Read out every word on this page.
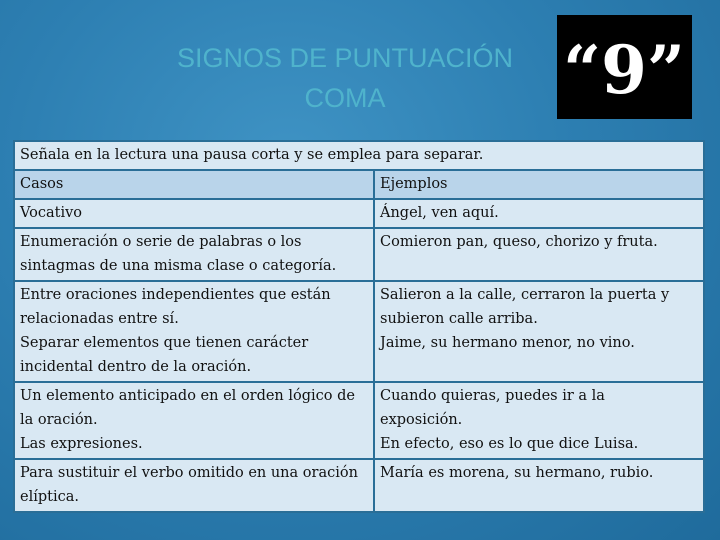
SIGNOS DE PUNTUACIÓN
COMA	“9”
Señala en la lectura una pausa corta y se emplea para separar.	
Casos	Ejemplos

Vocativo	Ángel, ven aquí.

Enumeración o serie de palabras o los
sintagmas de una misma clase o categoría.	Comieron pan, queso, chorizo y fruta.

Entre oraciones independientes que están
relacionadas entre sí.
Separar elementos que tienen carácter
incidental dentro de la oración.	Salieron a la calle, cerraron la puerta y
subieron calle arriba.
Jaime, su hermano menor, no vino.

Un elemento anticipado en el orden lógico de
la oración.
Las expresiones.	Cuando quieras, puedes ir a la
exposición.
En efecto, eso es lo que dice Luisa.

Para sustituir el verbo omitido en una oración
elíptica.	María es morena, su hermano, rubio.
